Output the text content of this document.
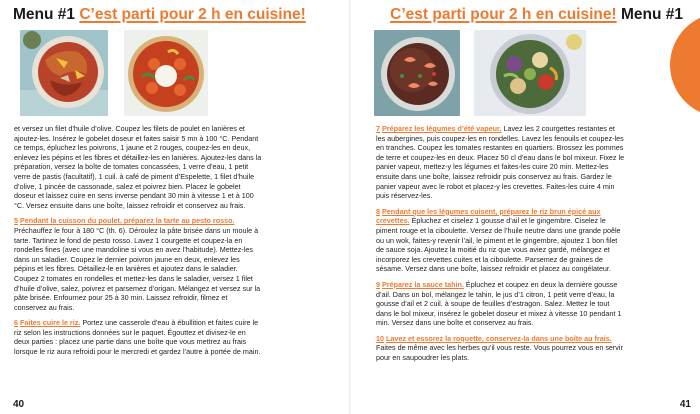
Menu #1 C’est parti pour 2 h en cuisine!

et versez un filet d’huile d’olive. Coupez les filets de poulet en lanières et ajoutez-les. Insérez le gobelet doseur et faites saisir 5 mn à 100 °C. Pendant ce temps, épluchez les poivrons, 1 jaune et 2 rouges, coupez-les en deux, enlevez les pépins et les fibres et détaillez-les en lanières. Ajoutez-les dans la préparation, versez la boîte de tomates concassées, 1 verre d’eau, 1 petit verre de pastis (facultatif), 1 cuil. à café de piment d’Espelette, 1 filet d’huile d’olive, 1 pincée de cassonade, salez et poivrez bien. Placez le gobelet doseur et laissez cuire en sens inverse pendant 30 min à vitesse 1 et à 100 °C. Versez ensuite dans une boîte, laissez refroidir et conservez au frais.

5 Pendant la cuisson du poulet, préparez la tarte au pesto rosso. Préchauffez le four à 180 °C (th. 6). Déroulez la pâte brisée dans un moule à tarte. Tartinez le fond de pesto rosso. Lavez 1 courgette et coupez-la en rondelles fines (avec une mandoline si vous en avez l’habitude). Mettez-les dans un saladier. Coupez le dernier poivron jaune en deux, enlevez les pépins et les fibres. Détaillez-le en lanières et ajoutez dans le saladier. Coupez 2 tomates en rondelles et mettez-les dans le saladier, versez 1 filet d’huile d’olive, salez, poivrez et parsemez d’origan. Mélangez et versez sur la pâte brisée. Enfournez pour 25 à 30 min. Laissez refroidir, filmez et conservez au frais.

6 Faites cuire le riz. Portez une casserole d’eau à ébullition et faites cuire le riz selon les instructions données sur le paquet. Égouttez et divisez-le en deux parties : placez une partie dans une boîte que vous mettrez au frais lorsque le riz aura refroidi pour le mercredi et gardez l’autre à portée de main.

40
C’est parti pour 2 h en cuisine! Menu #1

7 Préparez les légumes d’été vapeur. Lavez les 2 courgettes restantes et les aubergines, puis coupez-les en rondelles. Lavez les fenouils et coupez-les en tranches. Coupez les tomates restantes en quartiers. Brossez les pommes de terre et coupez-les en deux. Placez 50 cl d’eau dans le bol mixeur. Fixez le panier vapeur, mettez-y les légumes et faites-les cuire 20 min. Mettez-les ensuite dans une boîte, laissez refroidir puis conservez au frais. Gardez le panier vapeur avec le robot et placez-y les crevettes. Faites-les cuire 4 min puis réservez-les.

8 Pendant que les légumes cuisent, préparez le riz brun épicé aux crevettes. Épluchez et ciselez 1 gousse d’ail et le gingembre. Ciselez le piment rouge et la ciboulette. Versez de l’huile neutre dans une grande poêle ou un wok, faites-y revenir l’ail, le piment et le gingembre, ajoutez 1 bon filet de sauce soja. Ajoutez la moitié du riz que vous aviez gardé, mélangez et incorporez les crevettes cuites et la ciboulette. Parsemez de graines de sésame. Versez dans une boîte, laissez refroidir et placez au congélateur.

9 Préparez la sauce tahin. Épluchez et coupez en deux la dernière gousse d’ail. Dans un bol, mélangez le tahin, le jus d’1 citron, 1 petit verre d’eau, la gousse d’ail et 2 cuil. à soupe de feuilles d’estragon. Salez. Mettez le tout dans le bol mixeur, insérez le gobelet doseur et mixez à vitesse 10 pendant 1 min. Versez dans une boîte et conservez au frais.

10 Lavez et essorez la roquette, conservez-la dans une boîte au frais. Faites de même avec les herbes qu’il vous reste. Vous pourrez vous en servir pour en saupoudrer les plats.

41
